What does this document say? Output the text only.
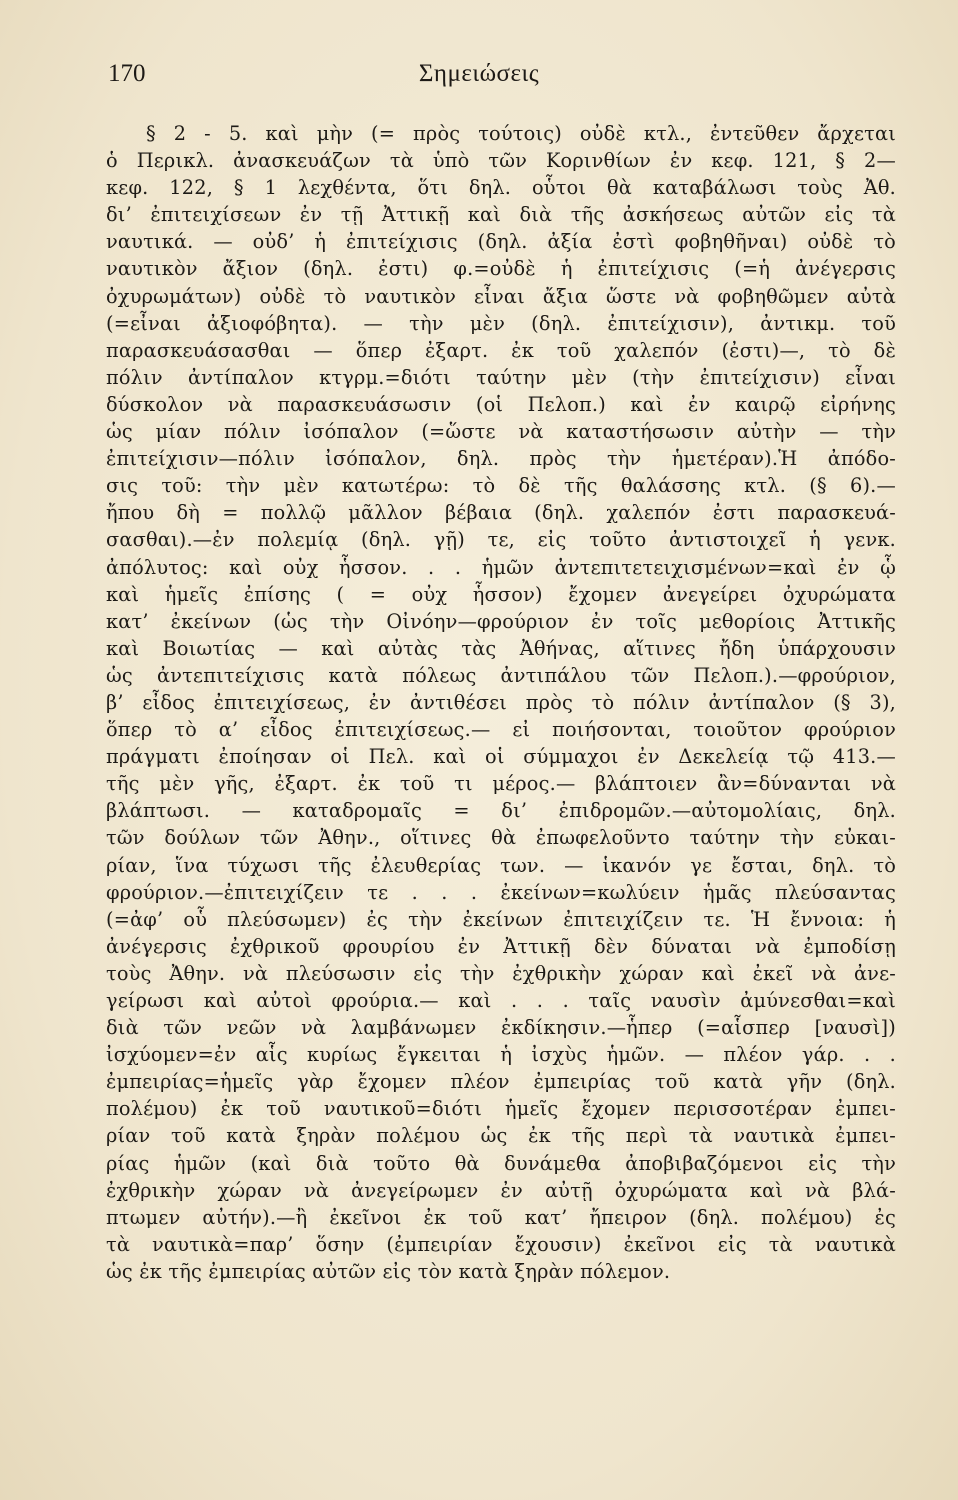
170	Σημειώσεις
§ 2 - 5. καὶ μὴν (= πρὸς τούτοις) οὐδὲ κτλ., ἐντεῦθεν ἄρχεται
ὁ Περικλ. ἀνασκευάζων τὰ ὑπὸ τῶν Κορινθίων ἐν κεφ. 121, § 2—
κεφ. 122, § 1 λεχθέντα, ὅτι δηλ. οὗτοι θὰ καταβάλωσι τοὺς Ἀθ.
δι’ ἐπιτειχίσεων ἐν τῇ Ἀττικῇ καὶ διὰ τῆς ἀσκήσεως αὐτῶν εἰς τὰ
ναυτικά. — οὐδ’ ἡ ἐπιτείχισις (δηλ. ἀξία ἐστὶ φοβηθῆναι) οὐδὲ τὸ
ναυτικὸν ἄξιον (δηλ. ἐστι) φ.=οὐδὲ ἡ ἐπιτείχισις (=ἡ ἀνέγερσις
ὀχυρωμάτων) οὐδὲ τὸ ναυτικὸν εἶναι ἄξια ὥστε νὰ φοβηθῶμεν αὐτὰ
(=εἶναι ἀξιοφόβητα). — τὴν μὲν (δηλ. ἐπιτείχισιν), ἀντικμ. τοῦ
παρασκευάσασθαι — ὅπερ ἐξαρτ. ἐκ τοῦ χαλεπόν (ἐστι)—, τὸ δὲ
πόλιν ἀντίπαλον κτγρμ.=διότι ταύτην μὲν (τὴν ἐπιτείχισιν) εἶναι
δύσκολον νὰ παρασκευάσωσιν (οἱ Πελοπ.) καὶ ἐν καιρῷ εἰρήνης
ὡς μίαν πόλιν ἰσόπαλον (=ὥστε νὰ καταστήσωσιν αὐτὴν — τὴν
ἐπιτείχισιν—πόλιν ἰσόπαλον, δηλ. πρὸς τὴν ἡμετέραν).Ἡ ἀπόδο-
σις τοῦ: τὴν μὲν κατωτέρω: τὸ δὲ τῆς θαλάσσης κτλ. (§ 6).—
ἤπου δὴ = πολλῷ μᾶλλον βέβαια (δηλ. χαλεπόν ἐστι παρασκευά-
σασθαι).—ἐν πολεμίᾳ (δηλ. γῇ) τε, εἰς τοῦτο ἀντιστοιχεῖ ἡ γενκ.
ἀπόλυτος: καὶ οὐχ ἧσσον. . . ἡμῶν ἀντεπιτετειχισμένων=καὶ ἐν ᾧ
καὶ ἡμεῖς ἐπίσης ( = οὐχ ἧσσον) ἔχομεν ἀνεγείρει ὀχυρώματα
κατ’ ἐκείνων (ὡς τὴν Οἰνόην—φρούριον ἐν τοῖς μεθορίοις Ἀττικῆς
καὶ Βοιωτίας — καὶ αὐτὰς τὰς Ἀθήνας, αἵτινες ἤδη ὑπάρχουσιν
ὡς ἀντεπιτείχισις κατὰ πόλεως ἀντιπάλου τῶν Πελοπ.).—φρούριον,
β’ εἶδος ἐπιτειχίσεως, ἐν ἀντιθέσει πρὸς τὸ πόλιν ἀντίπαλον (§ 3),
ὅπερ τὸ α’ εἶδος ἐπιτειχίσεως.— εἰ ποιήσονται, τοιοῦτον φρούριον
πράγματι ἐποίησαν οἱ Πελ. καὶ οἱ σύμμαχοι ἐν Δεκελείᾳ τῷ 413.—
τῆς μὲν γῆς, ἐξαρτ. ἐκ τοῦ τι μέρος.— βλάπτοιεν ἂν=δύνανται νὰ
βλάπτωσι. — καταδρομαῖς = δι’ ἐπιδρομῶν.—αὐτομολίαις, δηλ.
τῶν δούλων τῶν Ἀθην., οἵτινες θὰ ἐπωφελοῦντο ταύτην τὴν εὐκαι-
ρίαν, ἵνα τύχωσι τῆς ἐλευθερίας των. — ἱκανόν γε ἔσται, δηλ. τὸ
φρούριον.—ἐπιτειχίζειν τε . . . ἐκείνων=κωλύειν ἡμᾶς πλεύσαντας
(=ἀφ’ οὗ πλεύσωμεν) ἐς τὴν ἐκείνων ἐπιτειχίζειν τε. Ἡ ἔννοια: ἡ
ἀνέγερσις ἐχθρικοῦ φρουρίου ἐν Ἀττικῇ δὲν δύναται νὰ ἐμποδίσῃ
τοὺς Ἀθην. νὰ πλεύσωσιν εἰς τὴν ἐχθρικὴν χώραν καὶ ἐκεῖ νὰ ἀνε-
γείρωσι καὶ αὐτοὶ φρούρια.— καὶ . . . ταῖς ναυσὶν ἀμύνεσθαι=καὶ
διὰ τῶν νεῶν νὰ λαμβάνωμεν ἐκδίκησιν.—ἧπερ (=αἷσπερ [ναυσὶ])
ἰσχύομεν=ἐν αἷς κυρίως ἔγκειται ἡ ἰσχὺς ἡμῶν. — πλέον γάρ. . .
ἐμπειρίας=ἡμεῖς γὰρ ἔχομεν πλέον ἐμπειρίας τοῦ κατὰ γῆν (δηλ.
πολέμου) ἐκ τοῦ ναυτικοῦ=διότι ἡμεῖς ἔχομεν περισσοτέραν ἐμπει-
ρίαν τοῦ κατὰ ξηρὰν πολέμου ὡς ἐκ τῆς περὶ τὰ ναυτικὰ ἐμπει-
ρίας ἡμῶν (καὶ διὰ τοῦτο θὰ δυνάμεθα ἀποβιβαζόμενοι εἰς τὴν
ἐχθρικὴν χώραν νὰ ἀνεγείρωμεν ἐν αὐτῇ ὀχυρώματα καὶ νὰ βλά-
πτωμεν αὐτήν).—ἢ ἐκεῖνοι ἐκ τοῦ κατ’ ἤπειρον (δηλ. πολέμου) ἐς
τὰ ναυτικὰ=παρ’ ὅσην (ἐμπειρίαν ἔχουσιν) ἐκεῖνοι εἰς τὰ ναυτικὰ
ὡς ἐκ τῆς ἐμπειρίας αὐτῶν εἰς τὸν κατὰ ξηρὰν πόλεμον.
